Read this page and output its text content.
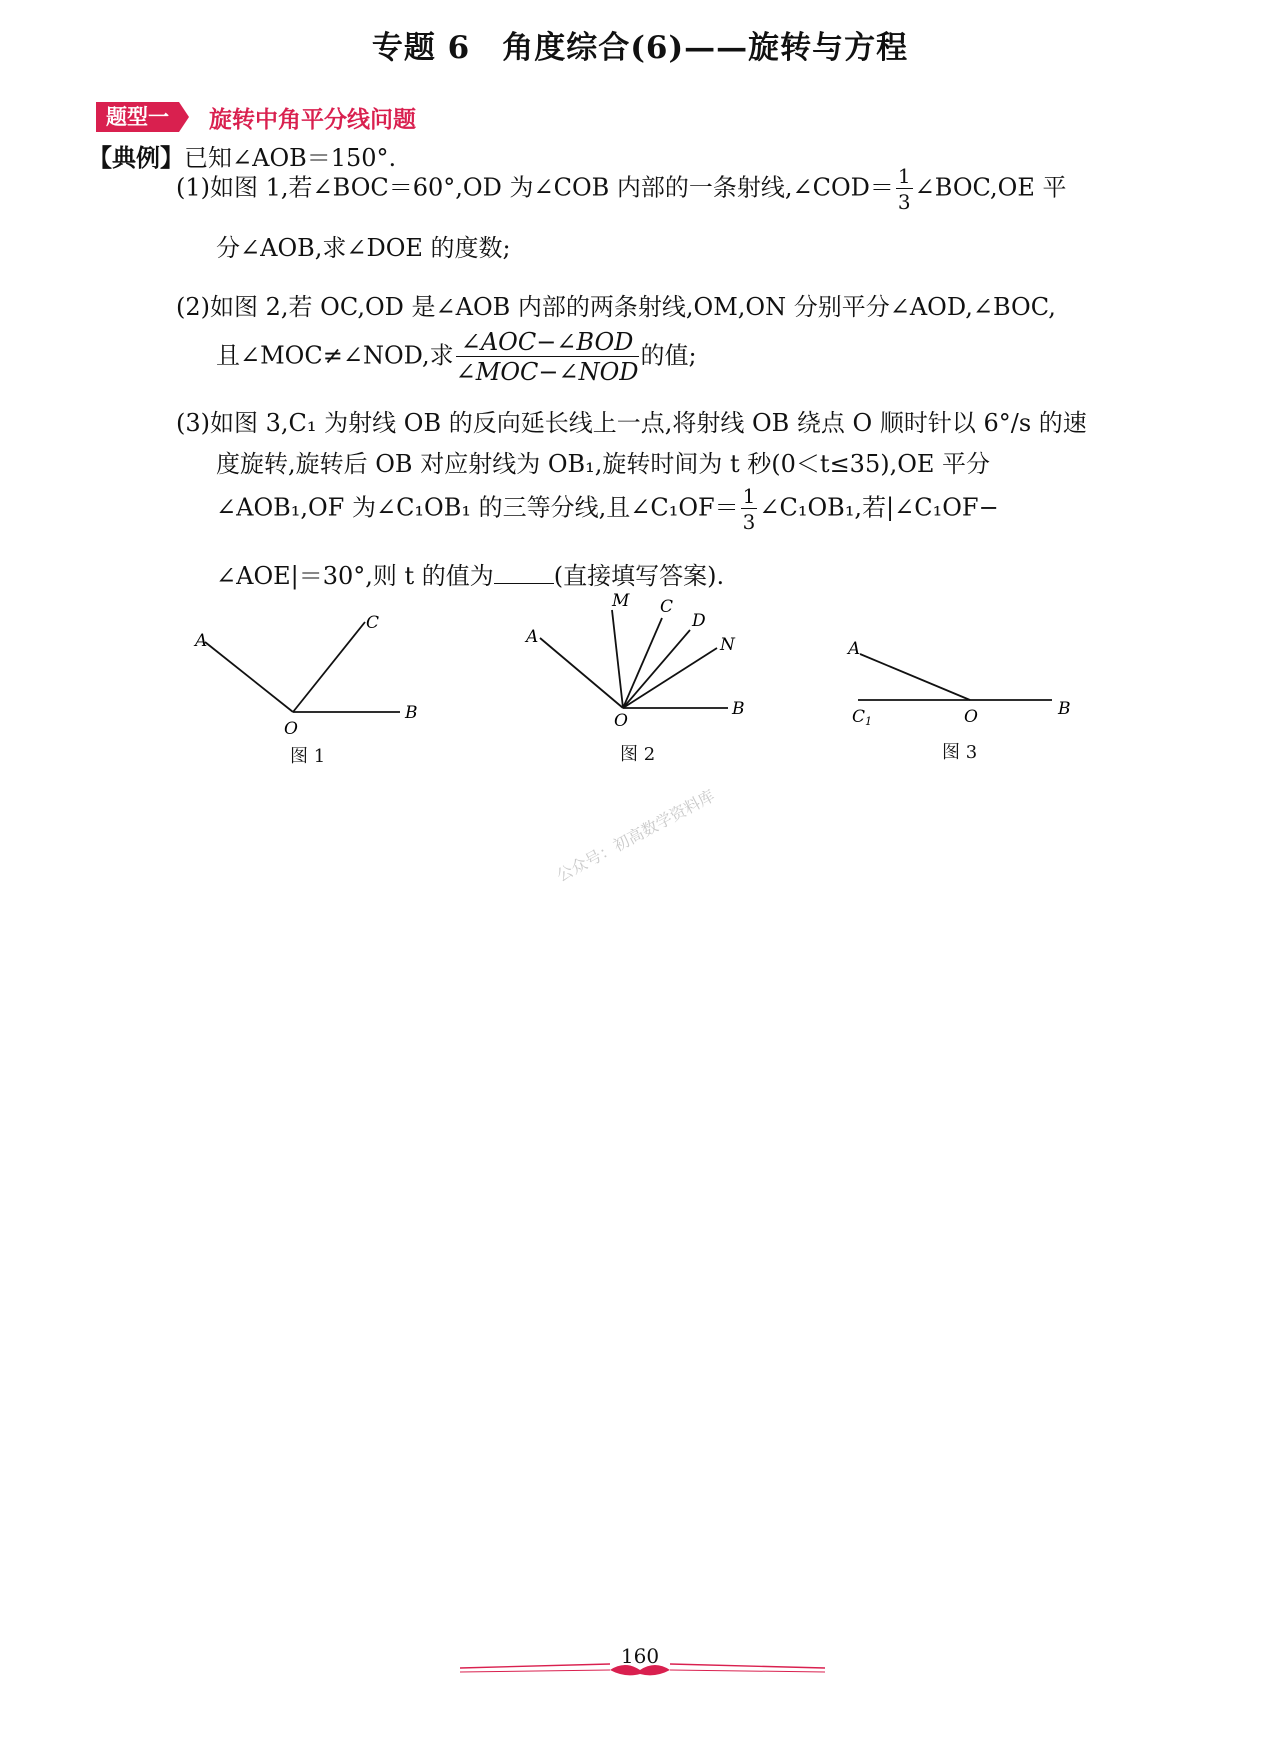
专题 6　角度综合(6)——旋转与方程
题型一	旋转中角平分线问题
【典例】已知∠AOB＝150°.
(1)如图 1,若∠BOC＝60°,OD 为∠COB 内部的一条射线,∠COD＝ $\frac{1}{3}$ ∠BOC,OE 平
分∠AOB,求∠DOE 的度数;
(2)如图 2,若 OC,OD 是∠AOB 内部的两条射线,OM,ON 分别平分∠AOD,∠BOC,
且∠MOC≠∠NOD,求 $\frac{\text{∠AOC−∠BOD}}{\text{∠MOC−∠NOD}}$ 的值;
(3)如图 3,C₁ 为射线 OB 的反向延长线上一点,将射线 OB 绕点 O 顺时针以 6°/s 的速
度旋转,旋转后 OB 对应射线为 OB₁,旋转时间为 t 秒(0＜t≤35),OE 平分
∠AOB₁,OF 为∠C₁OB₁ 的三等分线,且∠C₁OF＝ $\frac{1}{3}$ ∠C₁OB₁,若|∠C₁OF−
∠AOE|＝30°,则 t 的值为	(直接填写答案).
A
C
O
B
图 1
A
M C
D
N
O
B
图 2
A
C1	O	B
图 3
公众号：初高数学资料库
160
